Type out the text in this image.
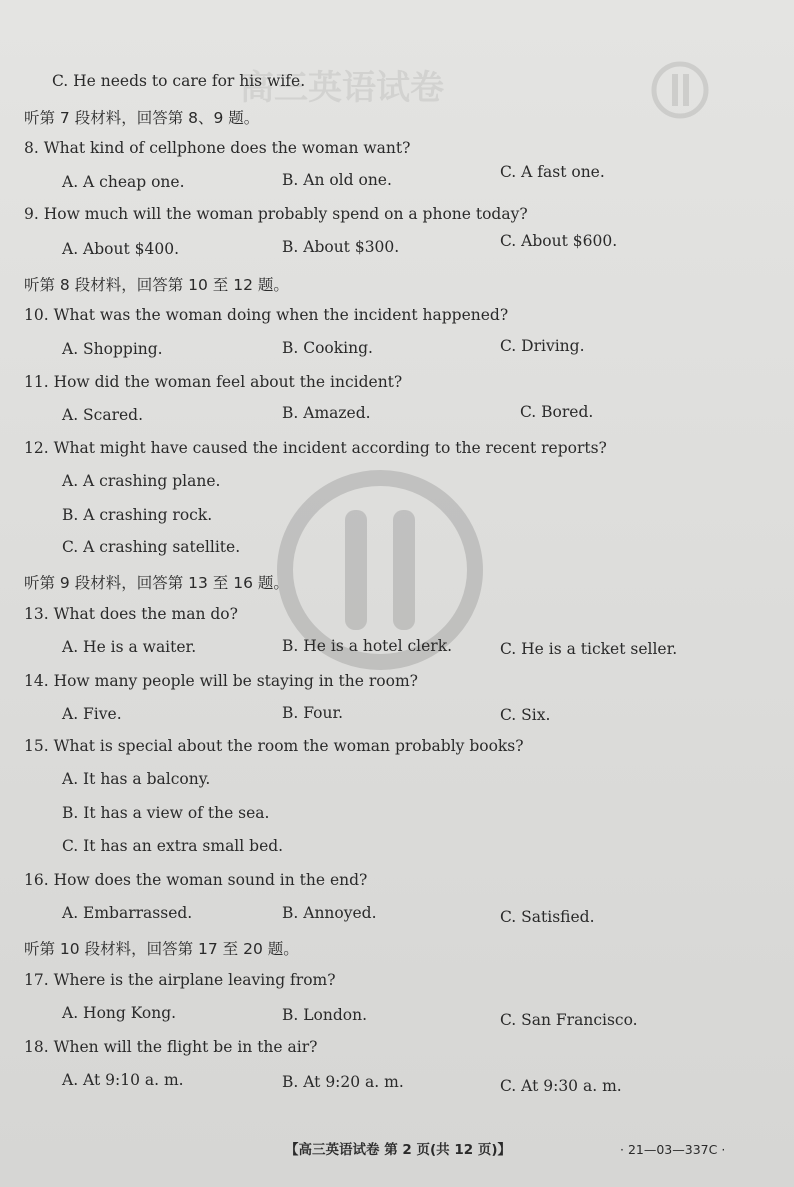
高三英语试卷
C. He needs to care for his wife.
听第 7 段材料，回答第 8、9 题。
8. What kind of cellphone does the woman want?
A. A cheap one.	B. An old one.	C. A fast one.
9. How much will the woman probably spend on a phone today?
A. About $400.	B. About $300.	C. About $600.
听第 8 段材料，回答第 10 至 12 题。
10. What was the woman doing when the incident happened?
A. Shopping.	B. Cooking.	C. Driving.
11. How did the woman feel about the incident?
A. Scared.	B. Amazed.	C. Bored.
12. What might have caused the incident according to the recent reports?
A. A crashing plane.
B. A crashing rock.
C. A crashing satellite.
听第 9 段材料，回答第 13 至 16 题。
13. What does the man do?
A. He is a waiter.	B. He is a hotel clerk.	C. He is a ticket seller.
14. How many people will be staying in the room?
A. Five.	B. Four.	C. Six.
15. What is special about the room the woman probably books?
A. It has a balcony.
B. It has a view of the sea.
C. It has an extra small bed.
16. How does the woman sound in the end?
A. Embarrassed.	B. Annoyed.	C. Satisfied.
听第 10 段材料，回答第 17 至 20 题。
17. Where is the airplane leaving from?
A. Hong Kong.	B. London.	C. San Francisco.
18. When will the flight be in the air?
A. At 9:10 a. m.	B. At 9:20 a. m.	C. At 9:30 a. m.
【高三英语试卷 第 2 页(共 12 页)】	· 21—03—337C ·
